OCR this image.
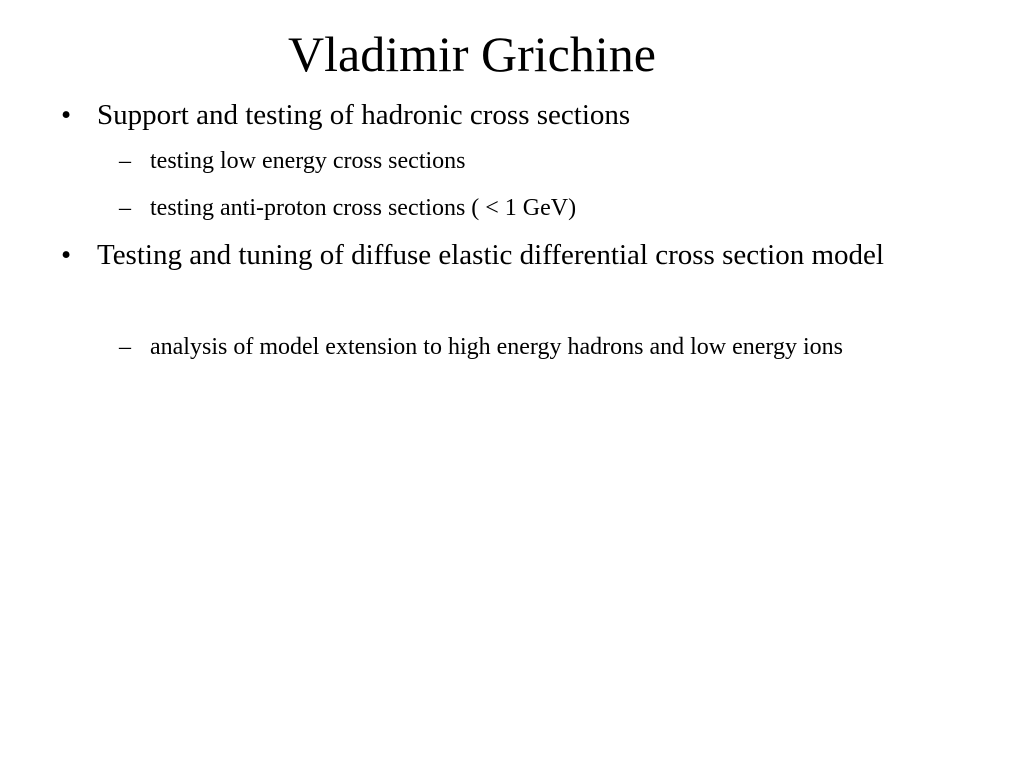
Vladimir Grichine
• Support and testing of hadronic cross sections
– testing low energy cross sections
– testing anti-proton cross sections ( < 1 GeV)
• Testing and tuning of diffuse elastic differential cross section model
– analysis of model extension to high energy hadrons and low energy ions
